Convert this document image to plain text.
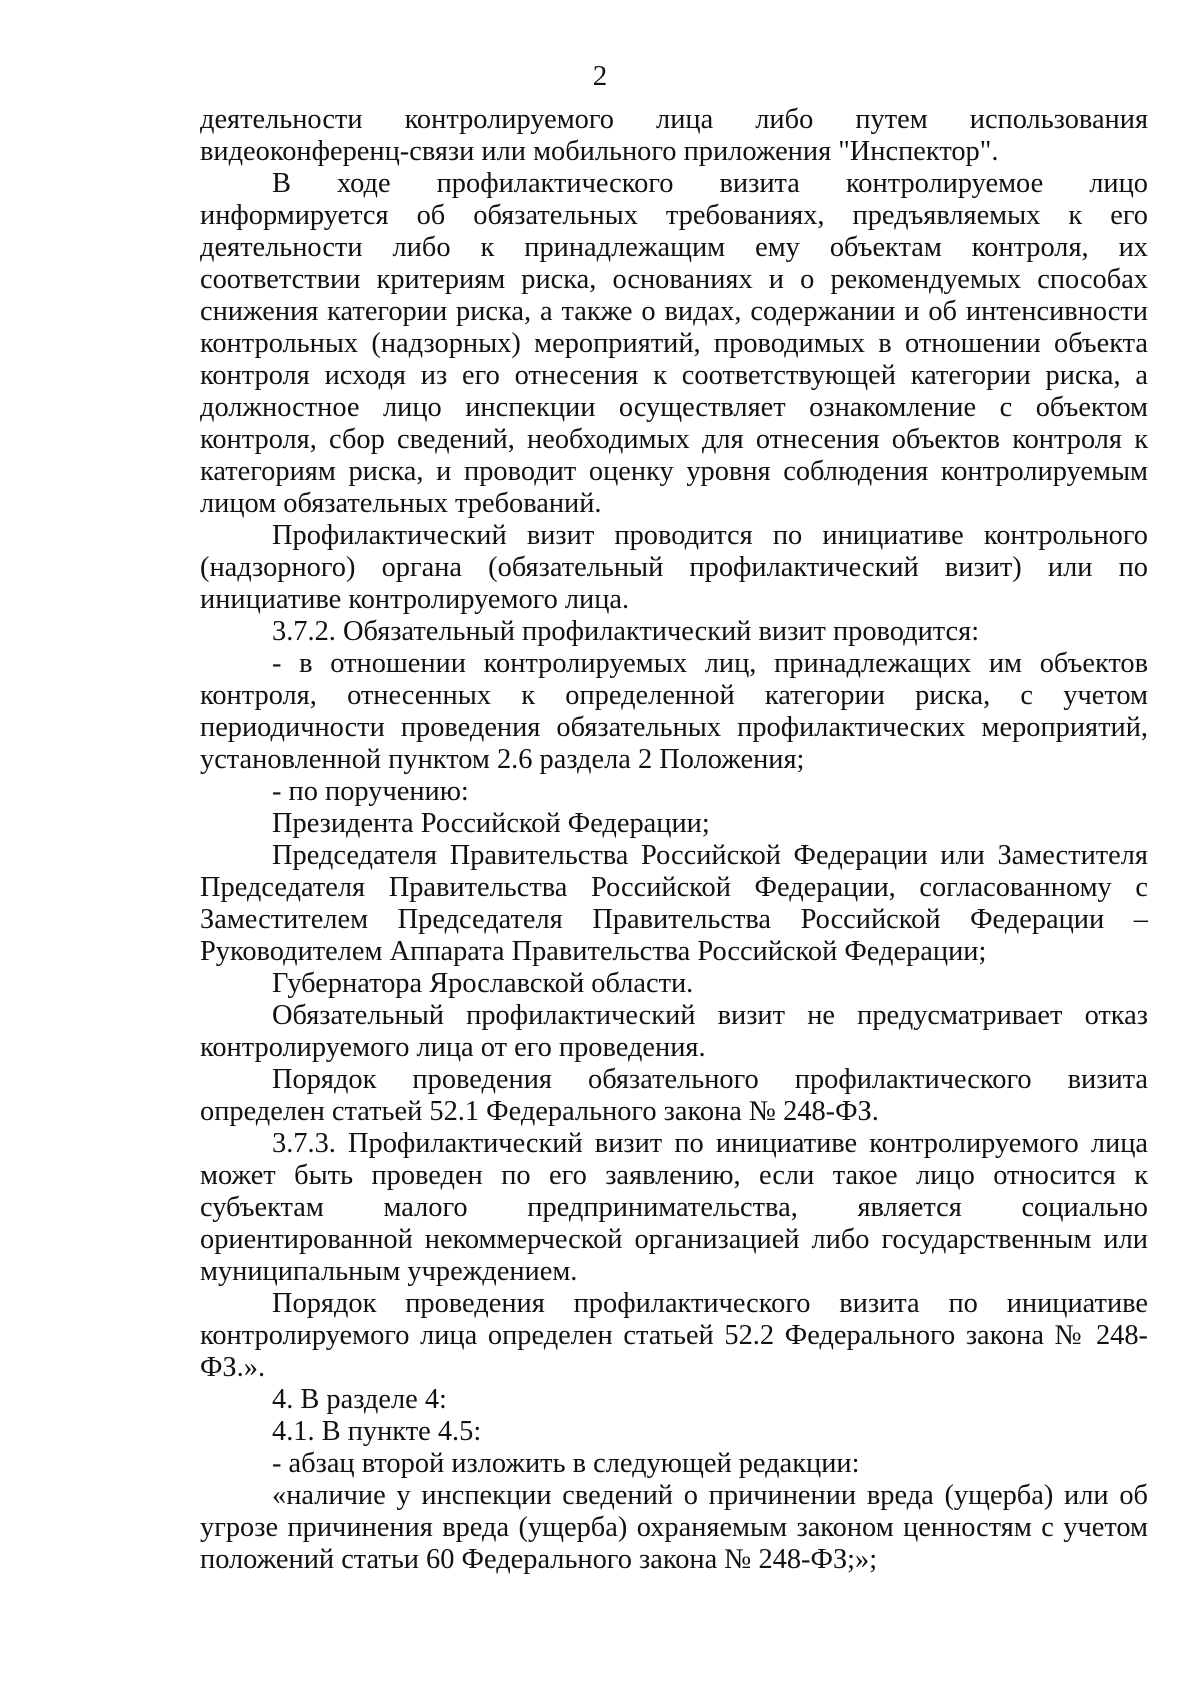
2

деятельности контролируемого лица либо путем использования видеоконференц-связи или мобильного приложения "Инспектор".

В ходе профилактического визита контролируемое лицо информируется об обязательных требованиях, предъявляемых к его деятельности либо к принадлежащим ему объектам контроля, их соответствии критериям риска, основаниях и о рекомендуемых способах снижения категории риска, а также о видах, содержании и об интенсивности контрольных (надзорных) мероприятий, проводимых в отношении объекта контроля исходя из его отнесения к соответствующей категории риска, а должностное лицо инспекции осуществляет ознакомление с объектом контроля, сбор сведений, необходимых для отнесения объектов контроля к категориям риска, и проводит оценку уровня соблюдения контролируемым лицом обязательных требований.

Профилактический визит проводится по инициативе контрольного (надзорного) органа (обязательный профилактический визит) или по инициативе контролируемого лица.

3.7.2. Обязательный профилактический визит проводится:

- в отношении контролируемых лиц, принадлежащих им объектов контроля, отнесенных к определенной категории риска, с учетом периодичности проведения обязательных профилактических мероприятий, установленной пунктом 2.6 раздела 2 Положения;

- по поручению:

Президента Российской Федерации;

Председателя Правительства Российской Федерации или Заместителя Председателя Правительства Российской Федерации, согласованному с Заместителем Председателя Правительства Российской Федерации – Руководителем Аппарата Правительства Российской Федерации;

Губернатора Ярославской области.

Обязательный профилактический визит не предусматривает отказ контролируемого лица от его проведения.

Порядок проведения обязательного профилактического визита определен статьей 52.1 Федерального закона № 248-ФЗ.

3.7.3. Профилактический визит по инициативе контролируемого лица может быть проведен по его заявлению, если такое лицо относится к субъектам малого предпринимательства, является социально ориентированной некоммерческой организацией либо государственным или муниципальным учреждением.

Порядок проведения профилактического визита по инициативе контролируемого лица определен статьей 52.2 Федерального закона № 248-ФЗ.».

4. В разделе 4:

4.1. В пункте 4.5:

- абзац второй изложить в следующей редакции:

«наличие у инспекции сведений о причинении вреда (ущерба) или об угрозе причинения вреда (ущерба) охраняемым законом ценностям с учетом положений статьи 60 Федерального закона № 248-ФЗ;»;
